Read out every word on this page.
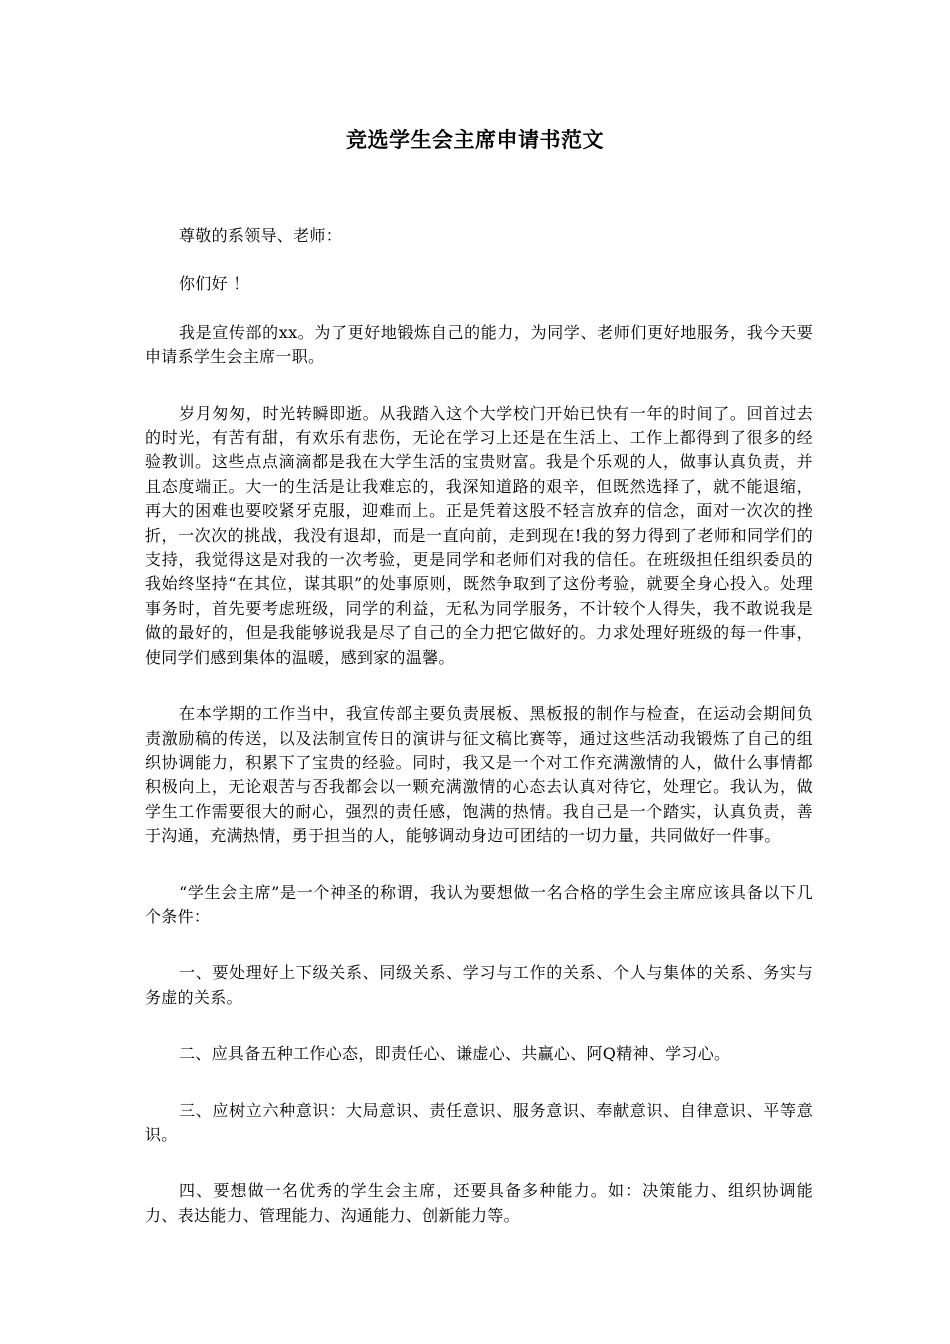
竞选学生会主席申请书范文

尊敬的系领导、老师：

你们好 ！

我是宣传部的xx。为了更好地锻炼自己的能力，为同学、老师们更好地服务，我今天要申请系学生会主席一职。

岁月匆匆，时光转瞬即逝。从我踏入这个大学校门开始已快有一年的时间了。回首过去的时光，有苦有甜，有欢乐有悲伤，无论在学习上还是在生活上、工作上都得到了很多的经验教训。这些点点滴滴都是我在大学生活的宝贵财富。我是个乐观的人，做事认真负责，并且态度端正。大一的生活是让我难忘的，我深知道路的艰辛，但既然选择了，就不能退缩，再大的困难也要咬紧牙克服，迎难而上。正是凭着这股不轻言放弃的信念，面对一次次的挫折，一次次的挑战，我没有退却，而是一直向前，走到现在!我的努力得到了老师和同学们的支持，我觉得这是对我的一次考验，更是同学和老师们对我的信任。在班级担任组织委员的我始终坚持“在其位，谋其职”的处事原则，既然争取到了这份考验，就要全身心投入。处理事务时，首先要考虑班级，同学的利益，无私为同学服务，不计较个人得失，我不敢说我是做的最好的，但是我能够说我是尽了自己的全力把它做好的。力求处理好班级的每一件事，使同学们感到集体的温暖，感到家的温馨。

在本学期的工作当中，我宣传部主要负责展板、黑板报的制作与检查，在运动会期间负责激励稿的传送，以及法制宣传日的演讲与征文稿比赛等，通过这些活动我锻炼了自己的组织协调能力，积累下了宝贵的经验。同时，我又是一个对工作充满激情的人，做什么事情都积极向上，无论艰苦与否我都会以一颗充满激情的心态去认真对待它，处理它。我认为，做学生工作需要很大的耐心，强烈的责任感，饱满的热情。我自己是一个踏实，认真负责，善于沟通，充满热情，勇于担当的人，能够调动身边可团结的一切力量，共同做好一件事。

“学生会主席”是一个神圣的称谓，我认为要想做一名合格的学生会主席应该具备以下几个条件：

一、要处理好上下级关系、同级关系、学习与工作的关系、个人与集体的关系、务实与务虚的关系。

二、应具备五种工作心态，即责任心、谦虚心、共赢心、阿Q精神、学习心。

三、应树立六种意识：大局意识、责任意识、服务意识、奉献意识、自律意识、平等意识。

四、要想做一名优秀的学生会主席，还要具备多种能力。如：决策能力、组织协调能力、表达能力、管理能力、沟通能力、创新能力等。
